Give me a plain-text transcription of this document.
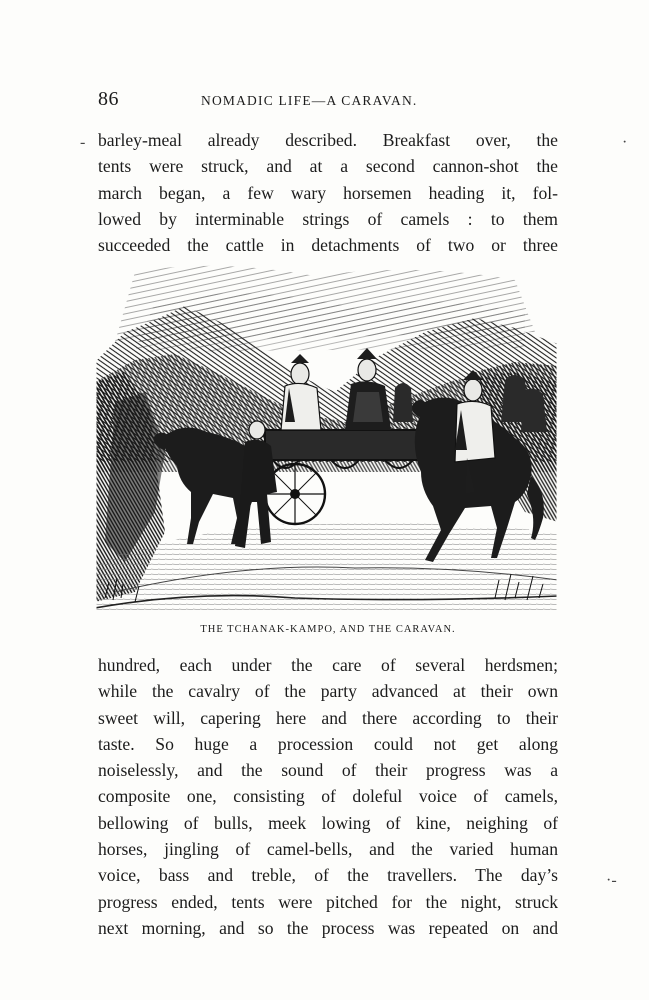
86	NOMADIC LIFE—A CARAVAN.
-	·
·-
barley-meal already described. Breakfast over, the
tents were struck, and at a second cannon-shot the
march began, a few wary horsemen heading it, fol-
lowed by interminable strings of camels : to them
succeeded the cattle in detachments of two or three
THE TCHANAK-KAMPO, AND THE CARAVAN.
hundred, each under the care of several herdsmen;
while the cavalry of the party advanced at their own
sweet will, capering here and there according to their
taste. So huge a procession could not get along
noiselessly, and the sound of their progress was a
composite one, consisting of doleful voice of camels,
bellowing of bulls, meek lowing of kine, neighing of
horses, jingling of camel-bells, and the varied human
voice, bass and treble, of the travellers. The day’s
progress ended, tents were pitched for the night, struck
next morning, and so the process was repeated on and
